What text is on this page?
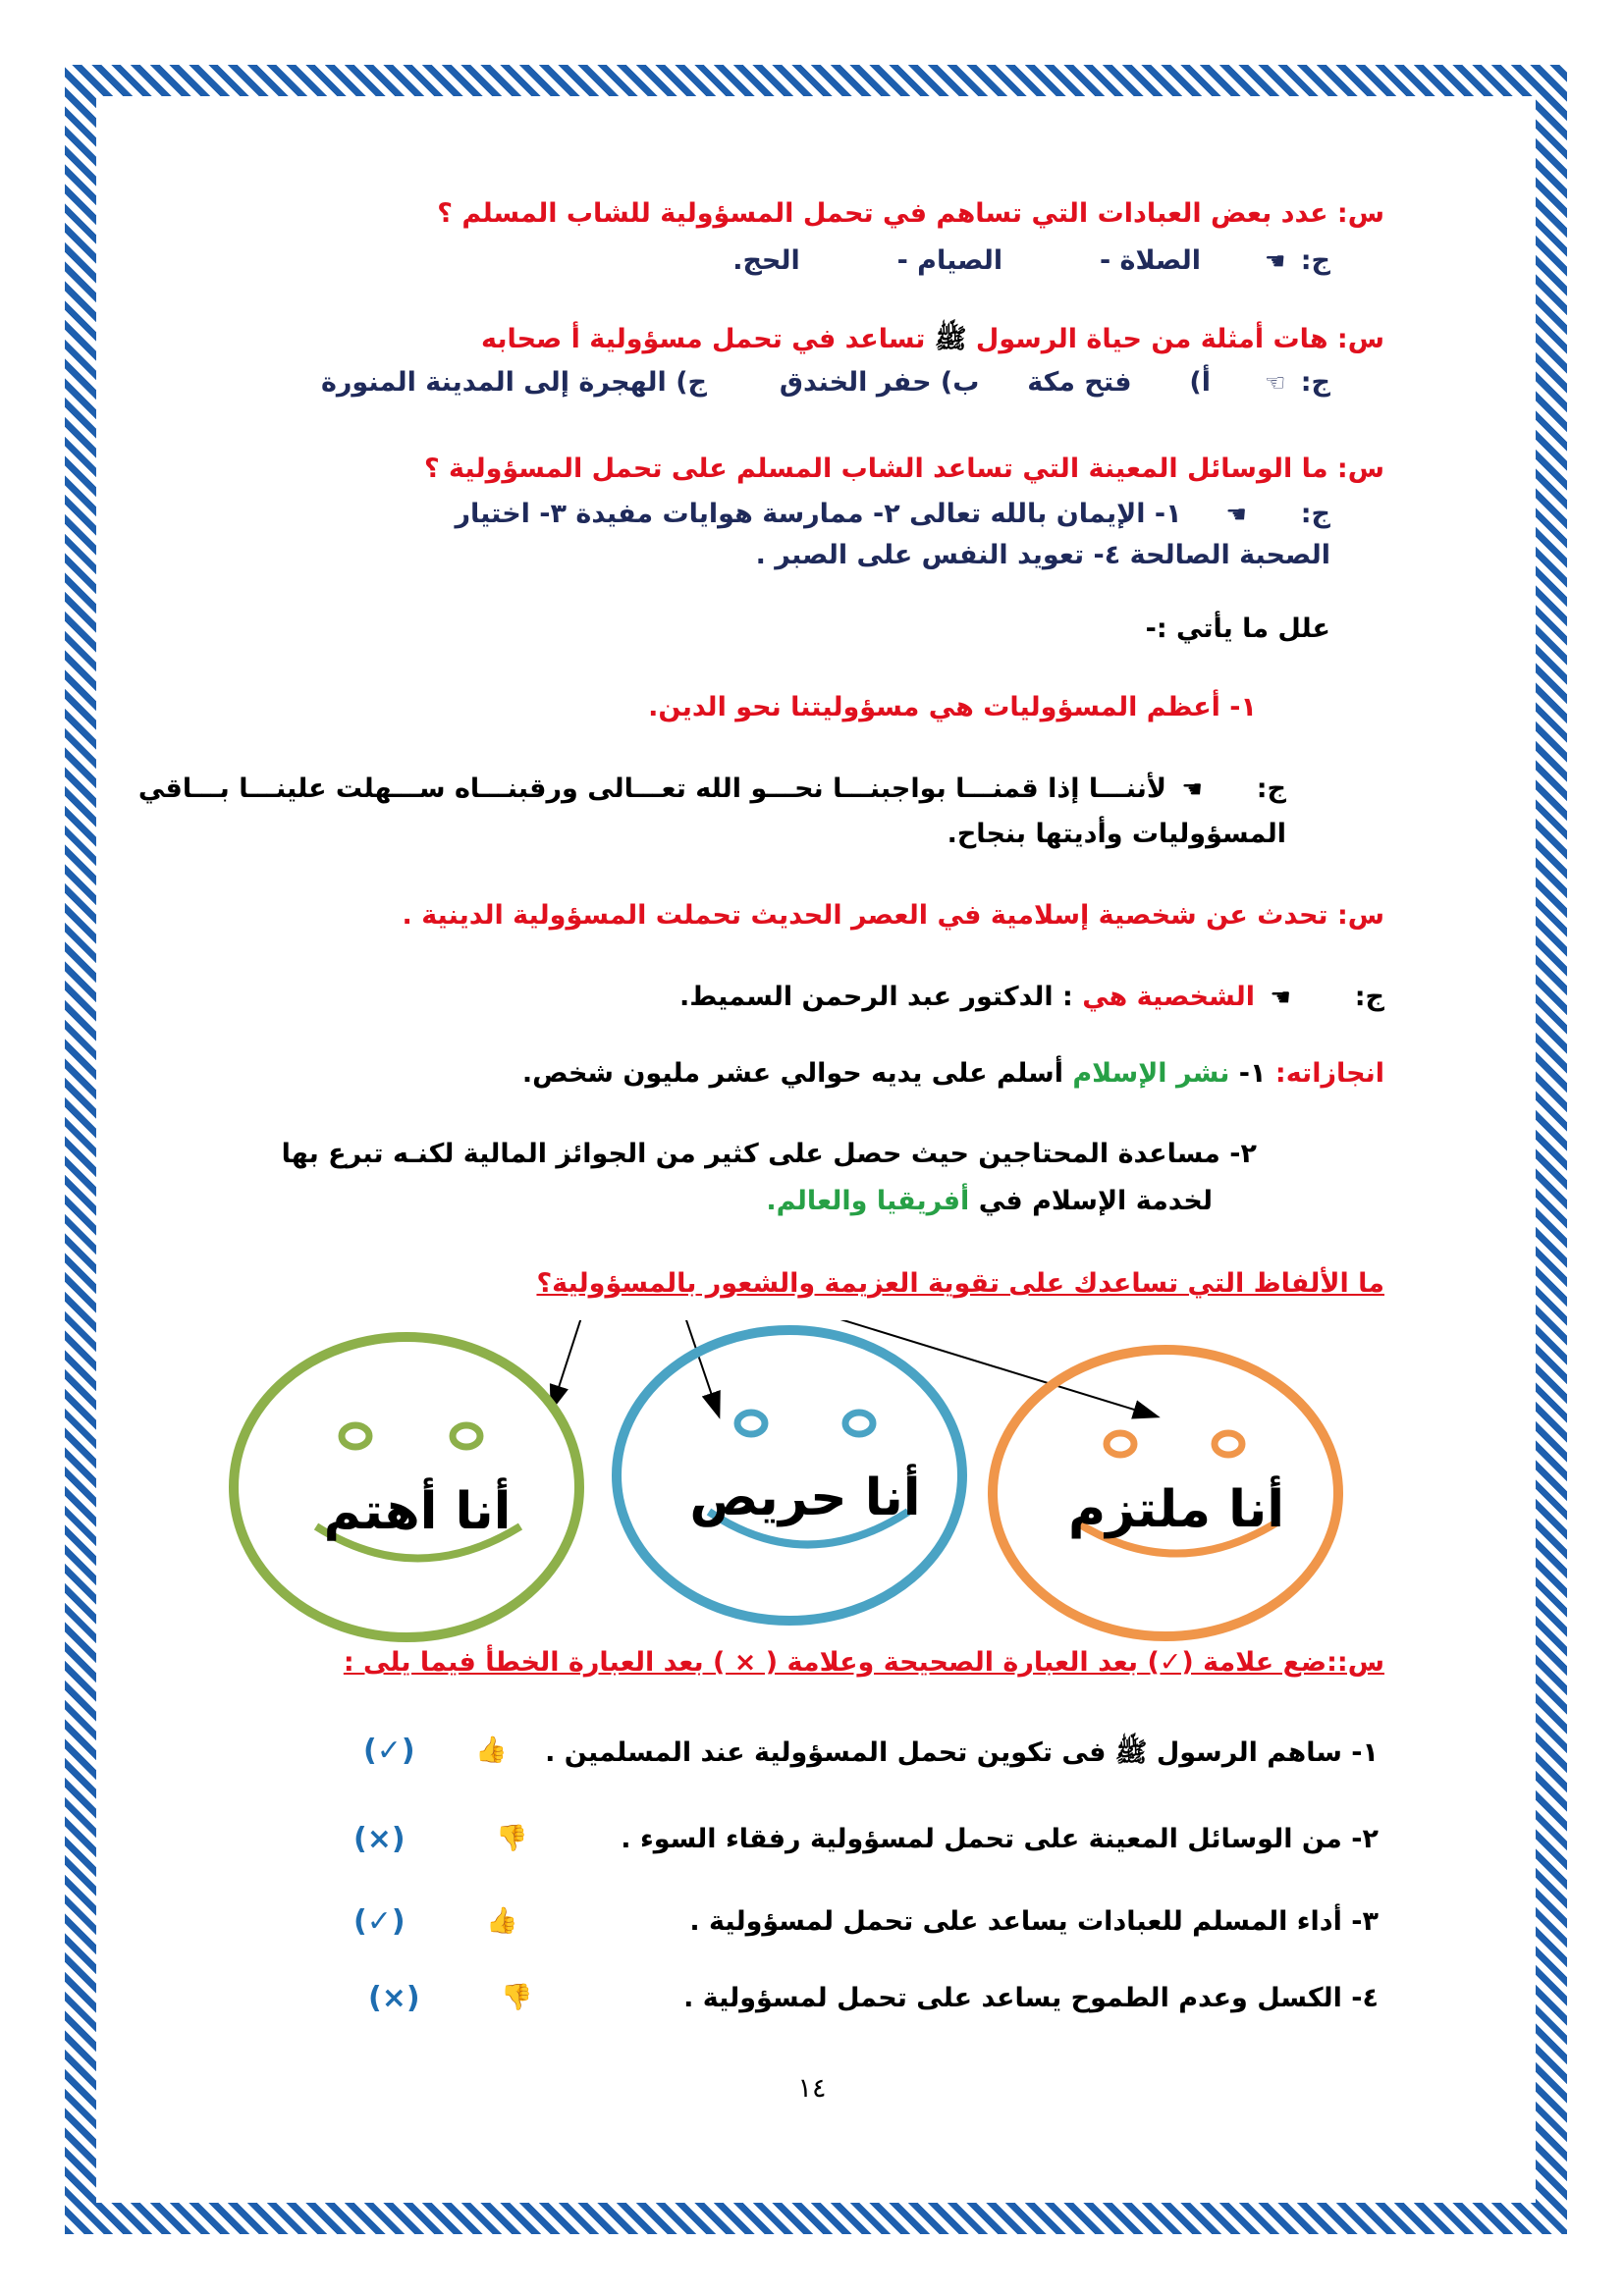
س: عدد بعض العبادات التي تساهم في تحمل المسؤولية للشاب المسلم ؟
ج: ☚  الصلاة -  الصيام -  الحج.
س: هات أمثلة من حياة الرسول ﷺ تساعد في تحمل مسؤولية أ صحابه
ج: ☜  أ)  فتح مكة  ب) حفر الخندق  ج) الهجرة إلى المدينة المنورة
س: ما الوسائل المعينة التي تساعد الشاب المسلم على تحمل المسؤولية ؟
ج:  ☚  ١- الإيمان بالله تعالى ٢- ممارسة هوايات مفيدة ٣- اختيار
الصحبة الصالحة ٤- تعويد النفس على الصبر .
علل ما يأتي :-
١- أعظم المسؤوليات هي مسؤوليتنا نحو الدين.
ج:  ☚ لأننـــا إذا قمنـــا بواجبنـــا نحـــو الله تعـــالى ورقبنـــاه ســـهلت علينـــا بـــاقي
المسؤوليات وأديتها بنجاح.
س: تحدث عن شخصية إسلامية في العصر الحديث تحملت المسؤولية الدينية .
ج:  ☚ الشخصية هي : الدكتور عبد الرحمن السميط.
انجازاته: ١- نشر الإسلام أسلم على يديه حوالي عشر مليون شخص.
٢- مساعدة المحتاجين حيث حصل على كثير من الجوائز المالية لكنـه تبرع بها
لخدمة الإسلام في أفريقيا والعالم.
ما الألفاظ التي تساعدك على تقوية العزيمة والشعور بالمسؤولية؟
س::ضع علامة (✓) بعد العبارة الصحيحة وعلامة ( × ) بعد العبارة الخطأ فيما يلى :
أنا أهتم	أنا حريص	أنا ملتزم
١- ساهم الرسول ﷺ فى تكوين تحمل المسؤولية عند المسلمين .
👍
(✓)
٢- من الوسائل المعينة على تحمل لمسؤولية رفقاء السوء .
👎
(×)
٣- أداء المسلم للعبادات يساعد على تحمل لمسؤولية .
👍
(✓)
٤- الكسل وعدم الطموح يساعد على تحمل لمسؤولية .
👎
(×)
١٤
